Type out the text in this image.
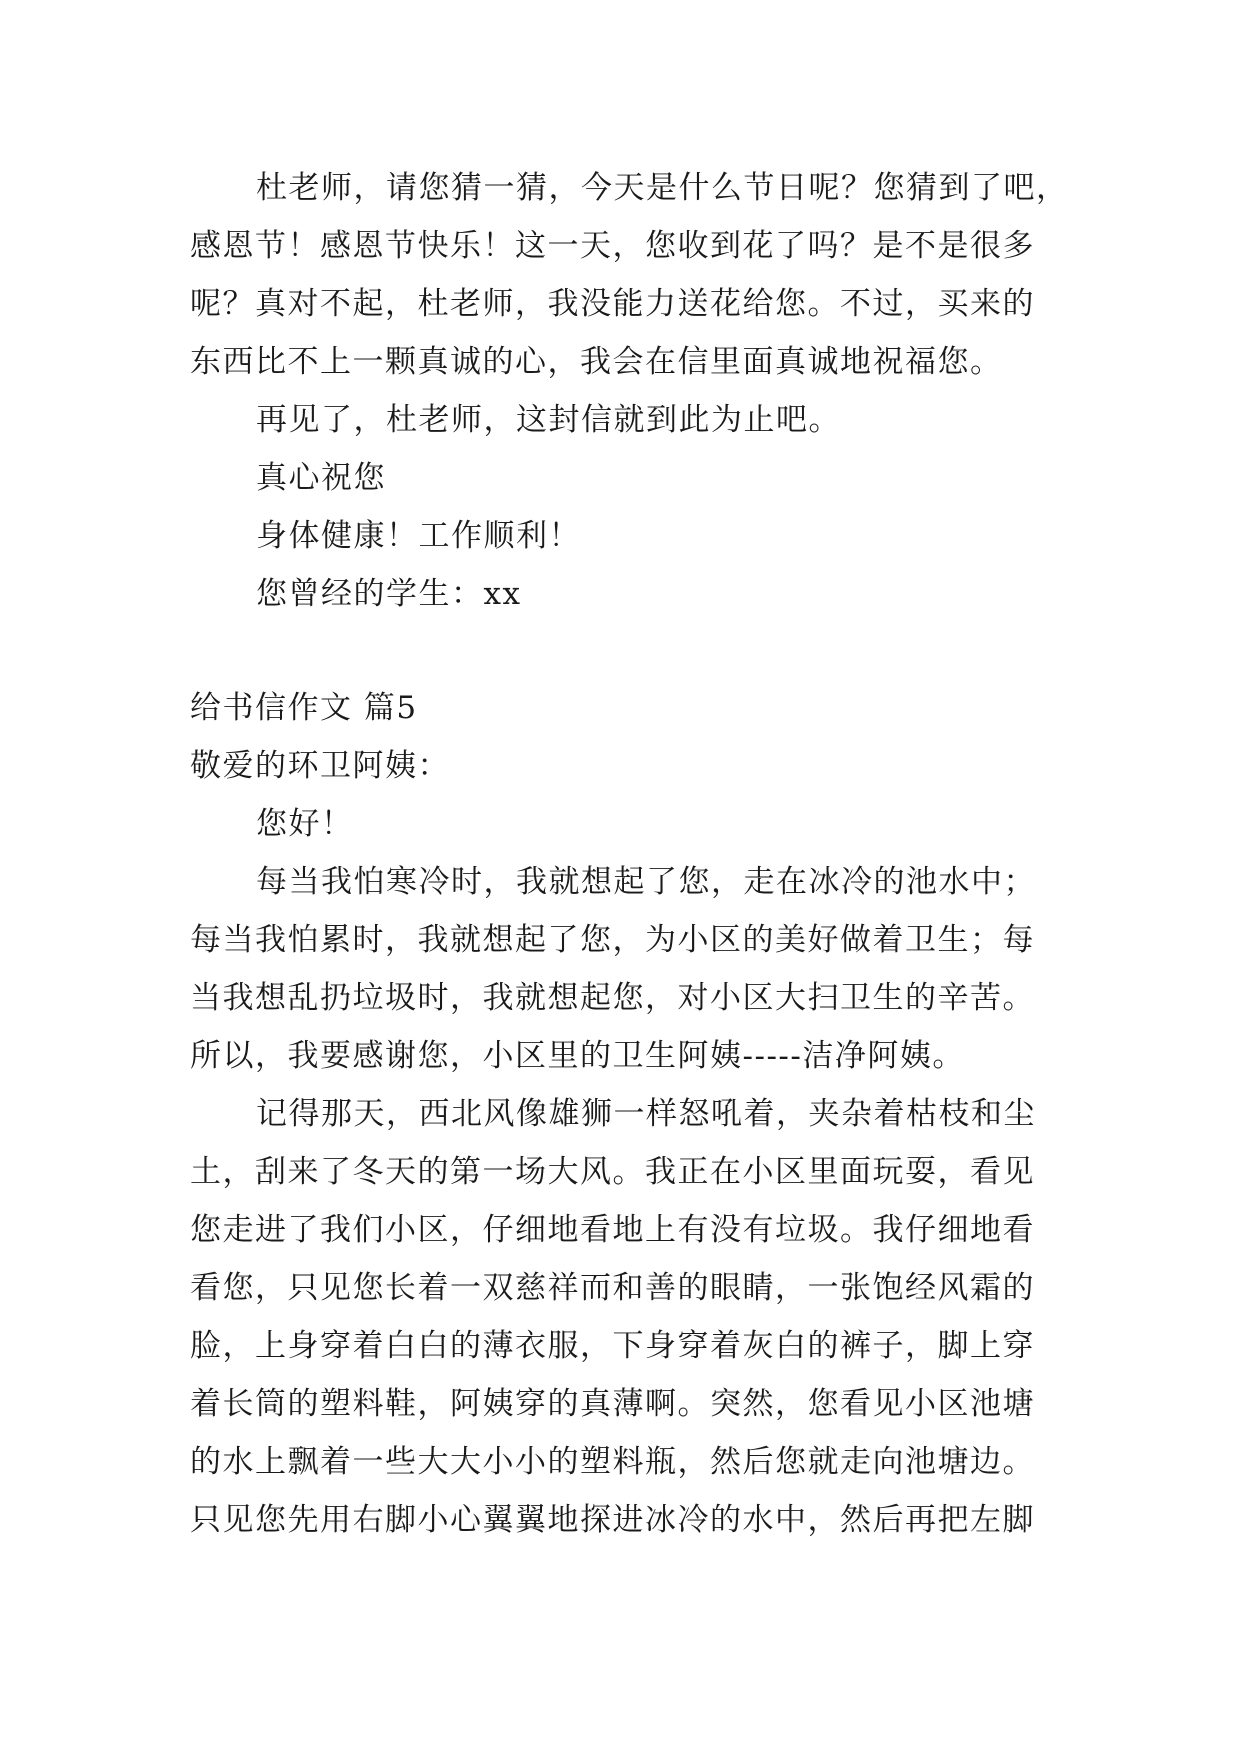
杜老师，请您猜一猜，今天是什么节日呢？您猜到了吧，

感恩节！感恩节快乐！这一天，您收到花了吗？是不是很多

呢？真对不起，杜老师，我没能力送花给您。不过，买来的

东西比不上一颗真诚的心，我会在信里面真诚地祝福您。

再见了，杜老师，这封信就到此为止吧。

真心祝您

身体健康！工作顺利！

您曾经的学生：xx

给书信作文 篇5

敬爱的环卫阿姨：

您好！

每当我怕寒冷时，我就想起了您，走在冰冷的池水中；

每当我怕累时，我就想起了您，为小区的美好做着卫生；每

当我想乱扔垃圾时，我就想起您，对小区大扫卫生的辛苦。

所以，我要感谢您，小区里的卫生阿姨-----洁净阿姨。

记得那天，西北风像雄狮一样怒吼着，夹杂着枯枝和尘

土，刮来了冬天的第一场大风。我正在小区里面玩耍，看见

您走进了我们小区，仔细地看地上有没有垃圾。我仔细地看

看您，只见您长着一双慈祥而和善的眼睛，一张饱经风霜的

脸，上身穿着白白的薄衣服，下身穿着灰白的裤子，脚上穿

着长筒的塑料鞋，阿姨穿的真薄啊。突然，您看见小区池塘

的水上飘着一些大大小小的塑料瓶，然后您就走向池塘边。

只见您先用右脚小心翼翼地探进冰冷的水中，然后再把左脚
